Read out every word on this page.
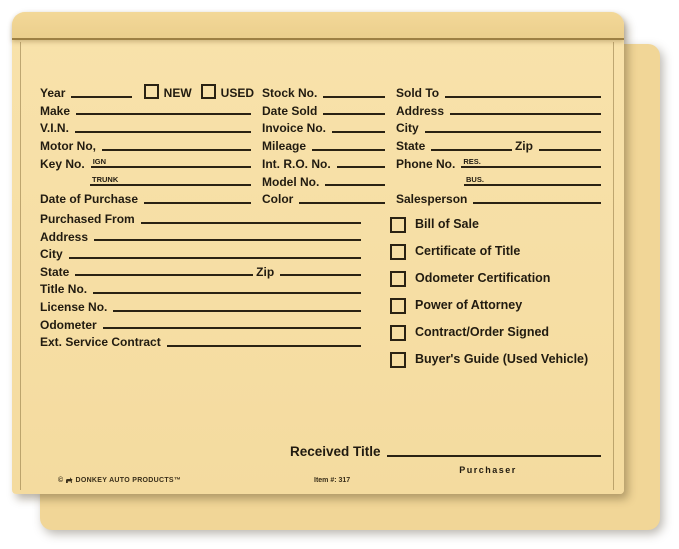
Year	NEW USED Stock No.	Sold To
Make	Date Sold	Address
V.I.N.	Invoice No.	City
Motor No,	Mileage	State	Zip
Key No. IGN	Int. R.O. No.	Phone No. RES.
TRUNK	Model No.	BUS.
Date of Purchase	Color	Salesperson
Purchased From
Address
City
State	Zip
Title No.
License No.
Odometer
Ext. Service Contract
Bill of Sale
Certificate of Title
Odometer Certification
Power of Attorney
Contract/Order Signed
Buyer's Guide (Used Vehicle)
Received Title
Purchaser
© DONKEY AUTO PRODUCTS™	Item #: 317
